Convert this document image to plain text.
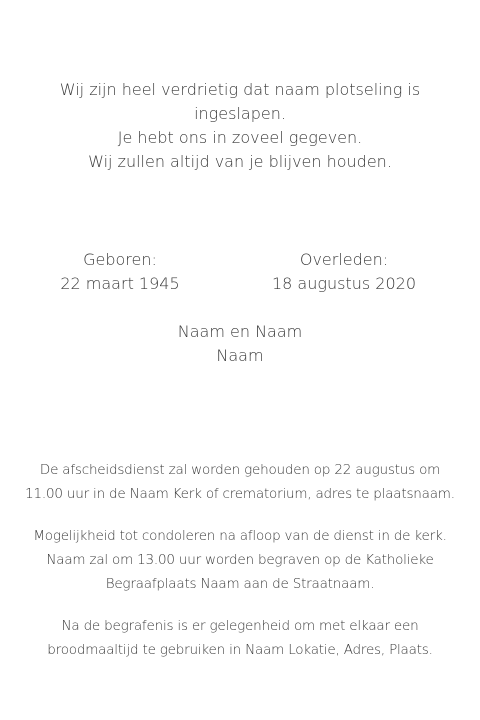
Wij zijn heel verdrietig dat naam plotseling is
ingeslapen.
Je hebt ons in zoveel gegeven.
Wij zullen altijd van je blijven houden.
Geboren:
22 maart 1945
Overleden:
18 augustus 2020
Naam en Naam
Naam
De afscheidsdienst zal worden gehouden op 22 augustus om
11.00 uur in de Naam Kerk of crematorium, adres te plaatsnaam.
Mogelijkheid tot condoleren na afloop van de dienst in de kerk.
Naam zal om 13.00 uur worden begraven op de Katholieke
Begraafplaats Naam aan de Straatnaam.
Na de begrafenis is er gelegenheid om met elkaar een
broodmaaltijd te gebruiken in Naam Lokatie, Adres, Plaats.
